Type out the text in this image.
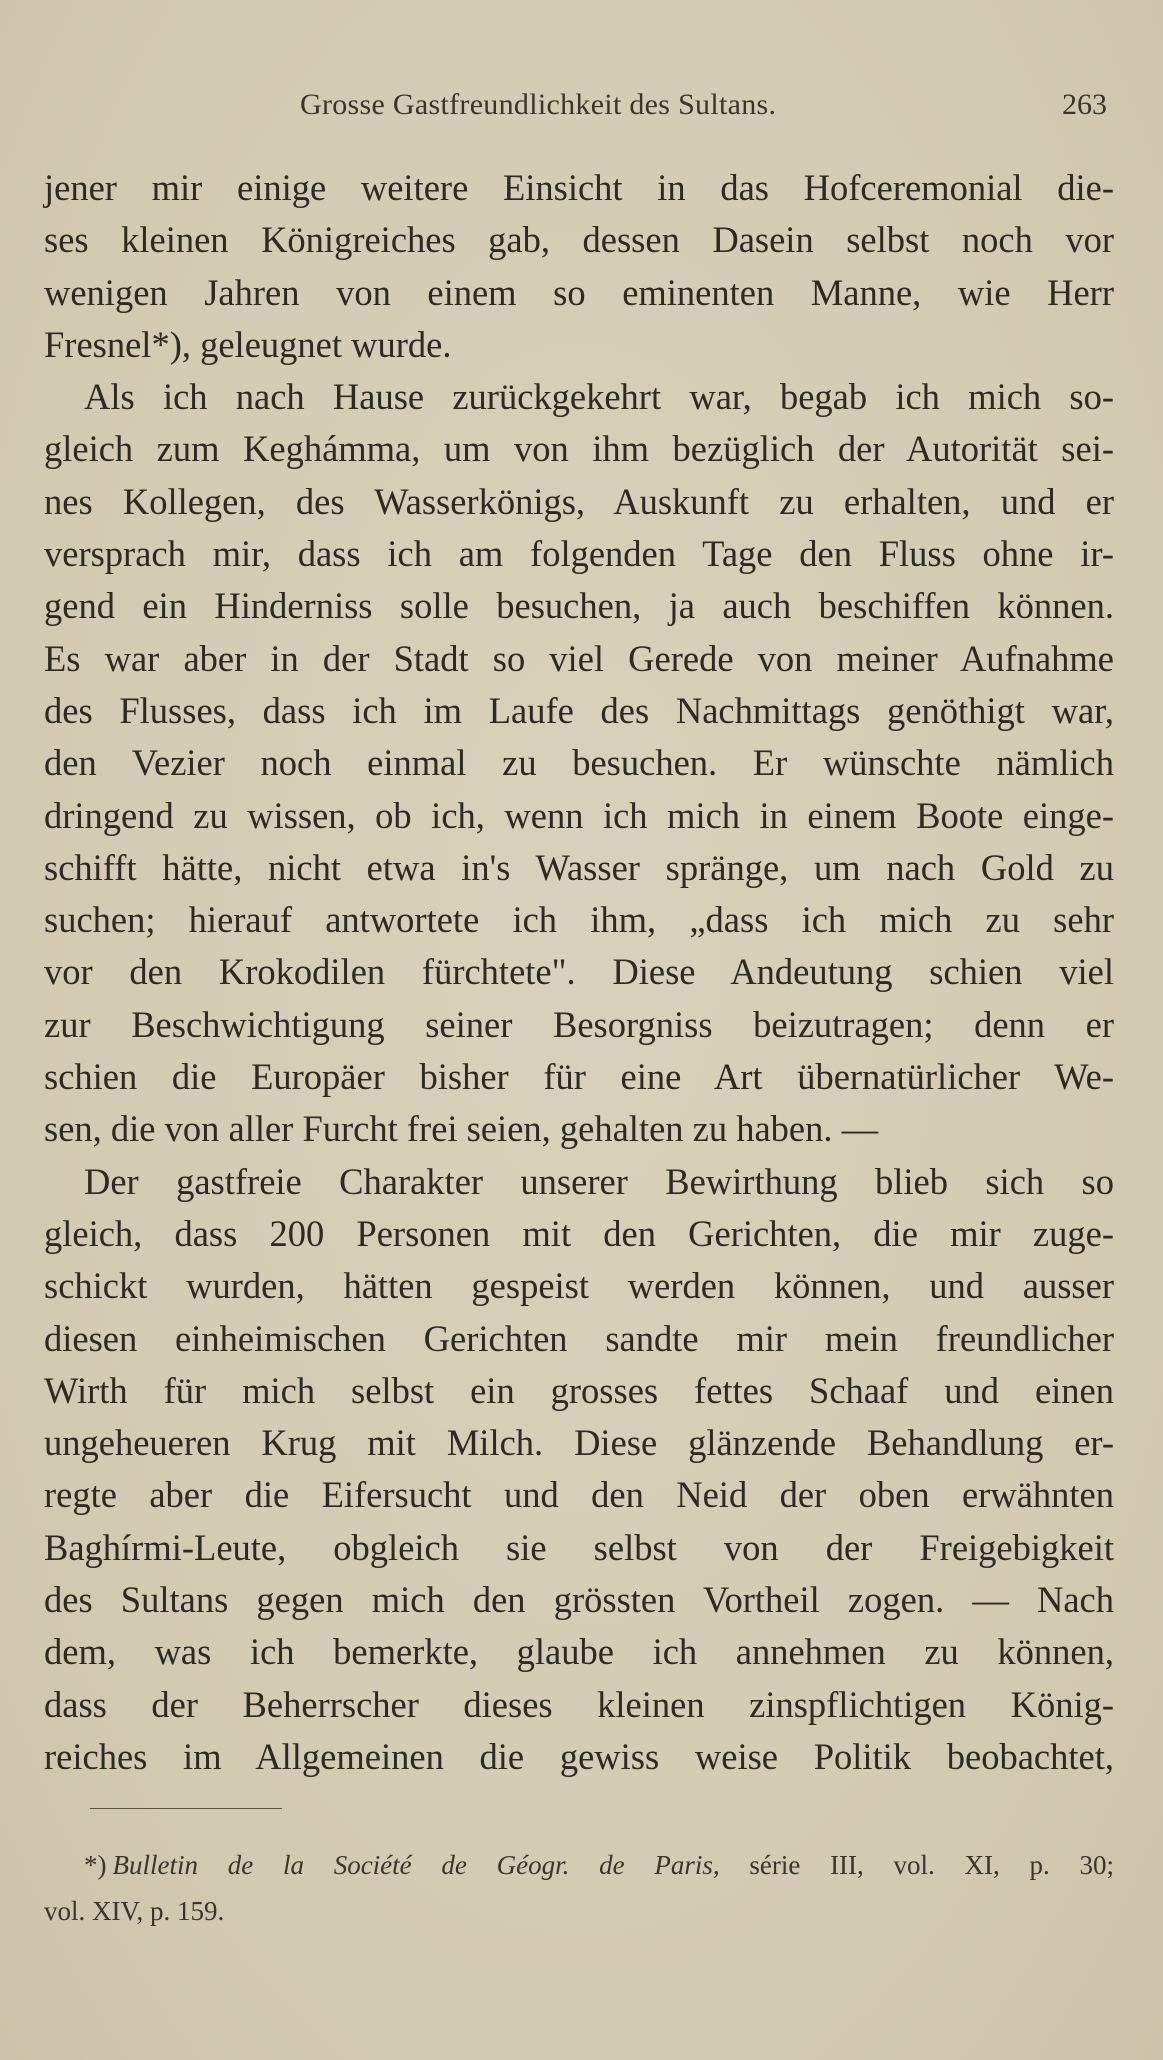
Grosse Gastfreundlichkeit des Sultans.	263
jener mir einige weitere Einsicht in das Hofceremonial die-
ses kleinen Königreiches gab, dessen Dasein selbst noch vor
wenigen Jahren von einem so eminenten Manne, wie Herr
Fresnel*), geleugnet wurde.
Als ich nach Hause zurückgekehrt war, begab ich mich so-
gleich zum Keghámma, um von ihm bezüglich der Autorität sei-
nes Kollegen, des Wasserkönigs, Auskunft zu erhalten, und er
versprach mir, dass ich am folgenden Tage den Fluss ohne ir-
gend ein Hinderniss solle besuchen, ja auch beschiffen können.
Es war aber in der Stadt so viel Gerede von meiner Aufnahme
des Flusses, dass ich im Laufe des Nachmittags genöthigt war,
den Vezier noch einmal zu besuchen. Er wünschte nämlich
dringend zu wissen, ob ich, wenn ich mich in einem Boote einge-
schifft hätte, nicht etwa in's Wasser spränge, um nach Gold zu
suchen; hierauf antwortete ich ihm, „dass ich mich zu sehr
vor den Krokodilen fürchtete". Diese Andeutung schien viel
zur Beschwichtigung seiner Besorgniss beizutragen; denn er
schien die Europäer bisher für eine Art übernatürlicher We-
sen, die von aller Furcht frei seien, gehalten zu haben. —
Der gastfreie Charakter unserer Bewirthung blieb sich so
gleich, dass 200 Personen mit den Gerichten, die mir zuge-
schickt wurden, hätten gespeist werden können, und ausser
diesen einheimischen Gerichten sandte mir mein freundlicher
Wirth für mich selbst ein grosses fettes Schaaf und einen
ungeheueren Krug mit Milch. Diese glänzende Behandlung er-
regte aber die Eifersucht und den Neid der oben erwähnten
Baghírmi-Leute, obgleich sie selbst von der Freigebigkeit
des Sultans gegen mich den grössten Vortheil zogen. — Nach
dem, was ich bemerkte, glaube ich annehmen zu können,
dass der Beherrscher dieses kleinen zinspflichtigen König-
reiches im Allgemeinen die gewiss weise Politik beobachtet,
*) Bulletin de la Société de Géogr. de Paris, série III, vol. XI, p. 30;
vol. XIV, p. 159.
